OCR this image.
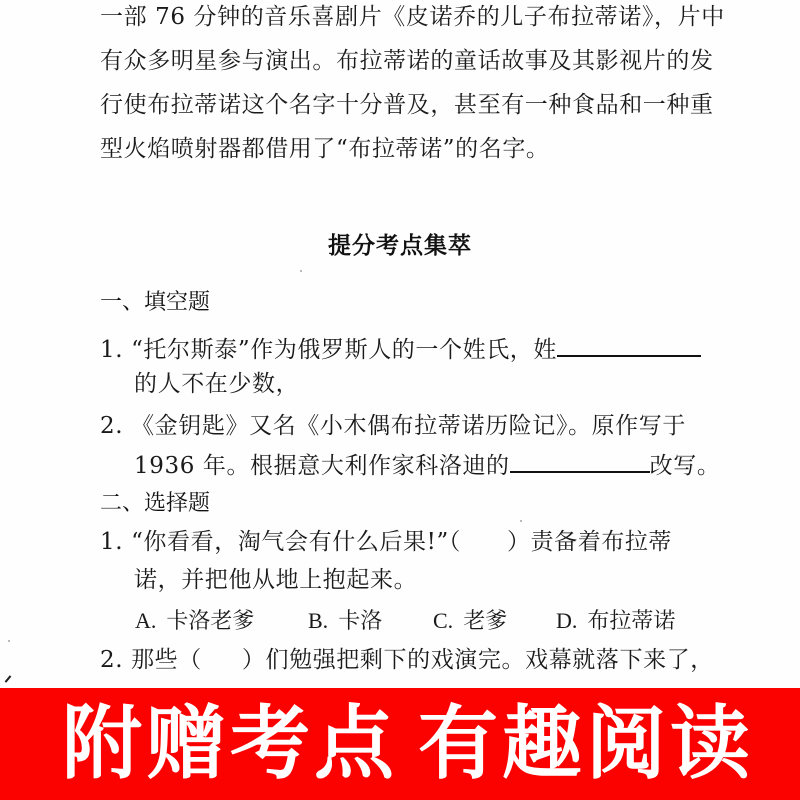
一部 76 分钟的音乐喜剧片《皮诺乔的儿子布拉蒂诺》，片中
有众多明星参与演出。布拉蒂诺的童话故事及其影视片的发
行使布拉蒂诺这个名字十分普及，甚至有一种食品和一种重
型火焰喷射器都借用了“布拉蒂诺”的名字。
提分考点集萃
一、填空题
1. “托尔斯泰”作为俄罗斯人的一个姓氏，姓
的人不在少数，
2. 《金钥匙》又名《小木偶布拉蒂诺历险记》。原作写于
1936 年。根据意大利作家科洛迪的	改写。
二、选择题
1. “你看看，淘气会有什么后果!”（ ）责备着布拉蒂
诺，并把他从地上抱起来。
A. 卡洛老爹 B. 卡洛 C. 老爹 D. 布拉蒂诺
2. 那些（ ）们勉强把剩下的戏演完。戏幕就落下来了，
附赠考点 有趣阅读
